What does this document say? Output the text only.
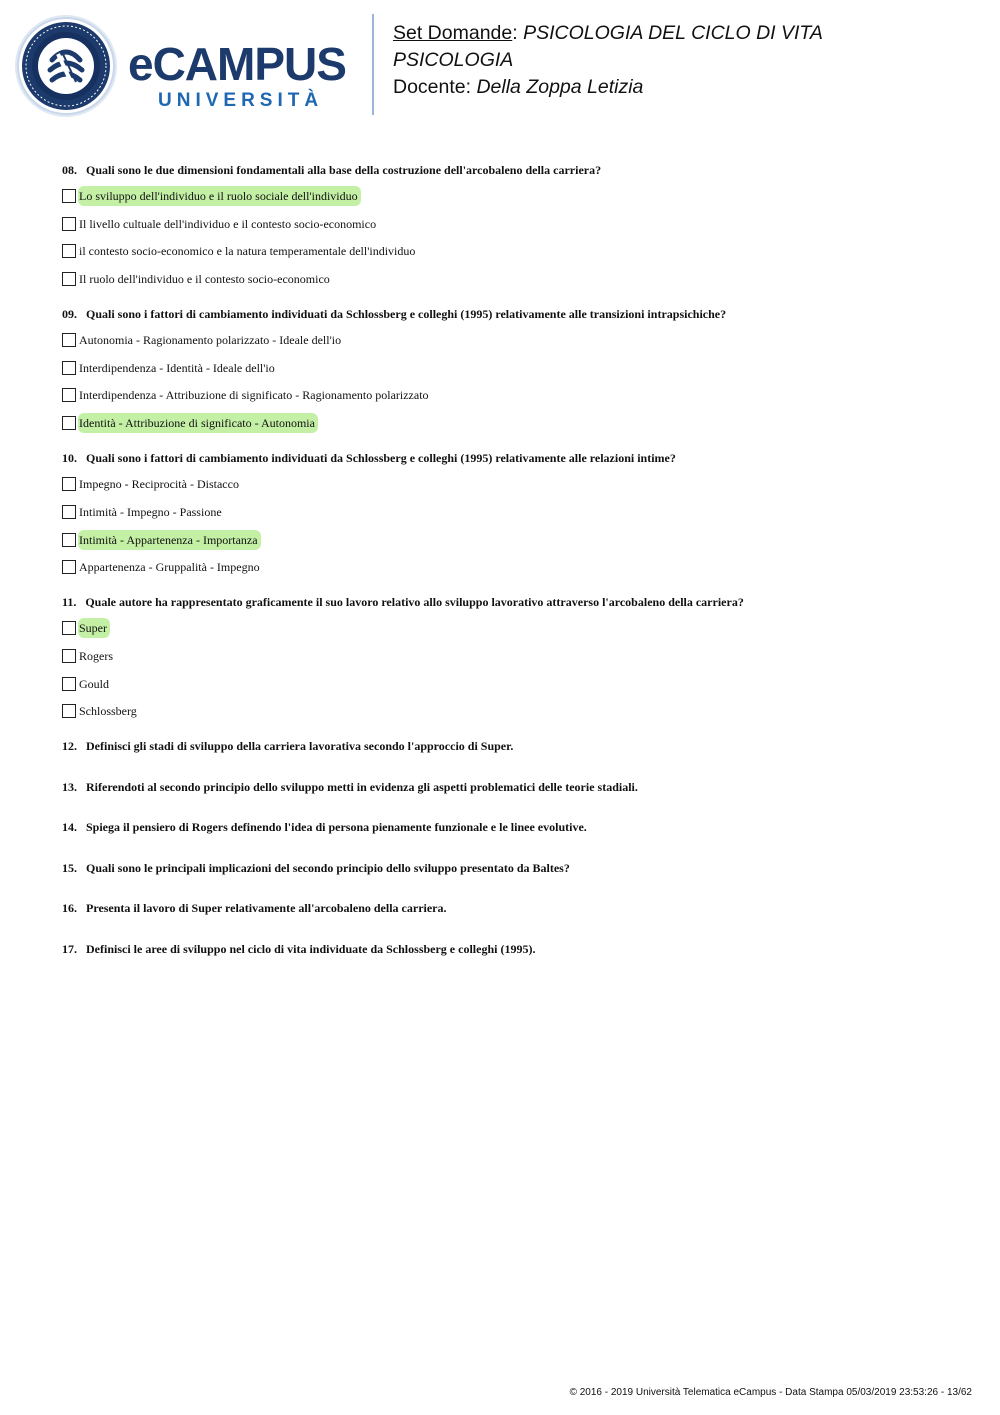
eCAMPUS
UNIVERSITÀ
Set Domande: PSICOLOGIA DEL CICLO DI VITA
PSICOLOGIA
Docente: Della Zoppa Letizia
08. Quali sono le due dimensioni fondamentali alla base della costruzione dell'arcobaleno della carriera?
Lo sviluppo dell'individuo e il ruolo sociale dell'individuo
Il livello cultuale dell'individuo e il contesto socio-economico
il contesto socio-economico e la natura temperamentale dell'individuo
Il ruolo dell'individuo e il contesto socio-economico
09. Quali sono i fattori di cambiamento individuati da Schlossberg e colleghi (1995) relativamente alle transizioni intrapsichiche?
Autonomia - Ragionamento polarizzato - Ideale dell'io
Interdipendenza - Identità - Ideale dell'io
Interdipendenza - Attribuzione di significato - Ragionamento polarizzato
Identità - Attribuzione di significato - Autonomia
10. Quali sono i fattori di cambiamento individuati da Schlossberg e colleghi (1995) relativamente alle relazioni intime?
Impegno - Reciprocità - Distacco
Intimità - Impegno - Passione
Intimità - Appartenenza - Importanza
Appartenenza - Gruppalità - Impegno
11. Quale autore ha rappresentato graficamente il suo lavoro relativo allo sviluppo lavorativo attraverso l'arcobaleno della carriera?
Super
Rogers
Gould
Schlossberg
12. Definisci gli stadi di sviluppo della carriera lavorativa secondo l'approccio di Super.
13. Riferendoti al secondo principio dello sviluppo metti in evidenza gli aspetti problematici delle teorie stadiali.
14. Spiega il pensiero di Rogers definendo l'idea di persona pienamente funzionale e le linee evolutive.
15. Quali sono le principali implicazioni del secondo principio dello sviluppo presentato da Baltes?
16. Presenta il lavoro di Super relativamente all'arcobaleno della carriera.
17. Definisci le aree di sviluppo nel ciclo di vita individuate da Schlossberg e colleghi (1995).
© 2016 - 2019 Università Telematica eCampus - Data Stampa 05/03/2019 23:53:26 - 13/62
